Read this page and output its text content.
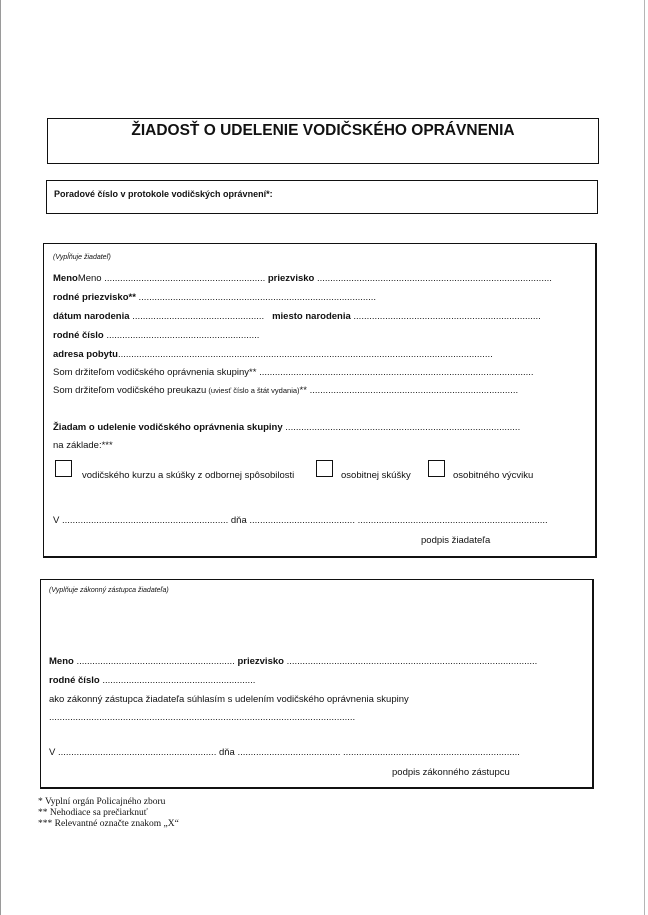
ŽIADOSŤ O UDELENIE VODIČSKÉHO OPRÁVNENIA
Poradové číslo v protokole vodičských oprávnení*:
(Vypĺňuje žiadateľ)
MenoMeno ............................................................. priezvisko .........................................................................................
rodné priezvisko** ..........................................................................................
dátum narodenia .................................................. miesto narodenia .......................................................................
rodné číslo ..........................................................
adresa pobytu..............................................................................................................................................
Som držiteľom vodičského oprávnenia skupiny** ........................................................................................................
Som držiteľom vodičského preukazu (uviesť číslo a štát vydania)** ...............................................................................
Žiadam o udelenie vodičského oprávnenia skupiny .........................................................................................
na základe:***
vodičského kurzu a skúšky z odbornej spôsobilosti	osobitnej skúšky	osobitného výcviku
V ............................................................... dňa ........................................ ........................................................................
podpis žiadateľa
(Vyplňuje zákonný zástupca žiadateľa)
Meno ............................................................ priezvisko ...............................................................................................
rodné číslo ..........................................................
ako zákonný zástupca žiadateľa súhlasím s udelením vodičského oprávnenia skupiny
....................................................................................................................
V ............................................................ dňa ....................................... ...................................................................
podpis zákonného zástupcu
* Vyplní orgán Policajného zboru
** Nehodiace sa prečiarknuť
*** Relevantné označte znakom „X“
